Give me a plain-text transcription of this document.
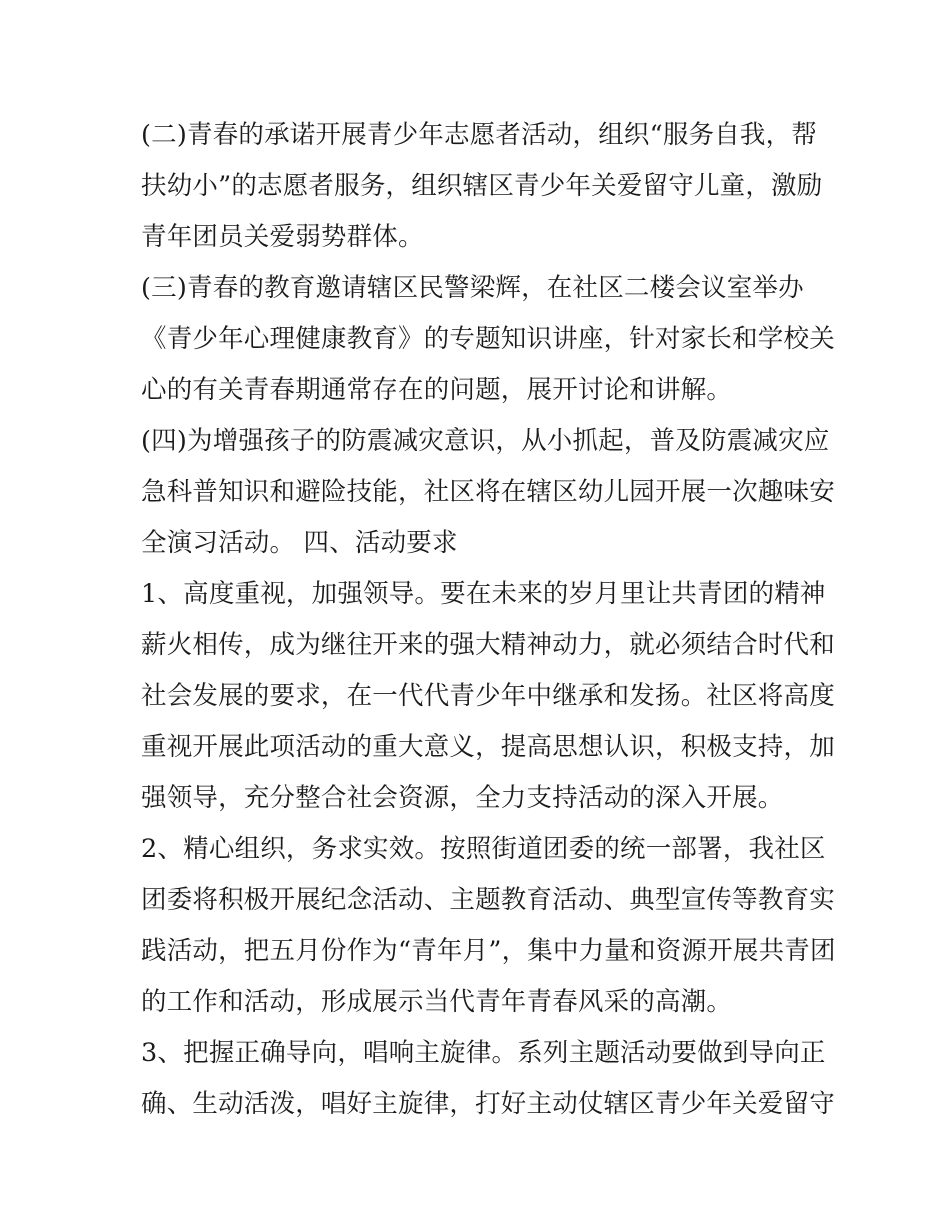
(二)青春的承诺开展青少年志愿者活动，组织“服务自我，帮
扶幼小”的志愿者服务，组织辖区青少年关爱留守儿童，激励
青年团员关爱弱势群体。
(三)青春的教育邀请辖区民警梁辉，在社区二楼会议室举办
《青少年心理健康教育》的专题知识讲座，针对家长和学校关
心的有关青春期通常存在的问题，展开讨论和讲解。
(四)为增强孩子的防震减灾意识，从小抓起，普及防震减灾应
急科普知识和避险技能，社区将在辖区幼儿园开展一次趣味安
全演习活动。 四、活动要求
1、高度重视，加强领导。要在未来的岁月里让共青团的精神
薪火相传，成为继往开来的强大精神动力，就必须结合时代和
社会发展的要求，在一代代青少年中继承和发扬。社区将高度
重视开展此项活动的重大意义，提高思想认识，积极支持，加
强领导，充分整合社会资源，全力支持活动的深入开展。
2、精心组织，务求实效。按照街道团委的统一部署，我社区
团委将积极开展纪念活动、主题教育活动、典型宣传等教育实
践活动，把五月份作为“青年月”，集中力量和资源开展共青团
的工作和活动，形成展示当代青年青春风采的高潮。
3、把握正确导向，唱响主旋律。系列主题活动要做到导向正
确、生动活泼，唱好主旋律，打好主动仗辖区青少年关爱留守
